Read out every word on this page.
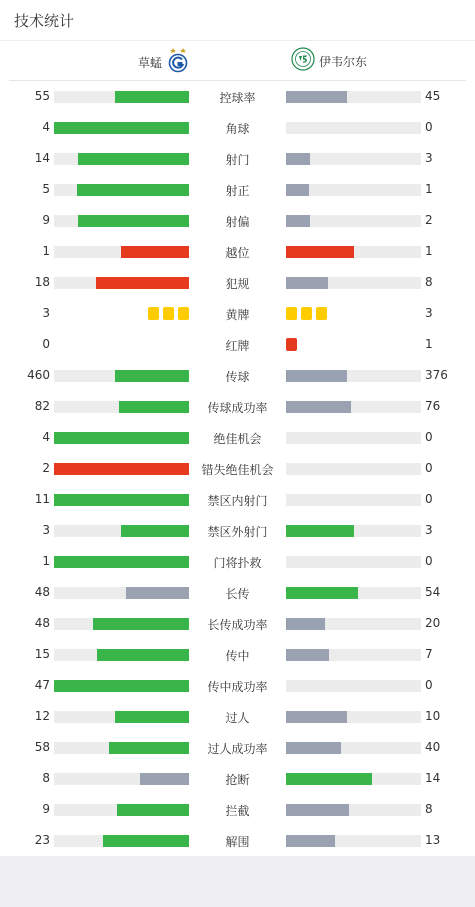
技术统计
草蜢	伊韦尔东
55	控球率	45
4	角球	0
14	射门	3
5	射正	1
9	射偏	2
1	越位	1
18	犯规	8
3	黄牌	3
0	红牌	1
460	传球	376
82	传球成功率	76
4	绝佳机会	0
2	错失绝佳机会	0
11	禁区内射门	0
3	禁区外射门	3
1	门将扑救	0
48	长传	54
48	长传成功率	20
15	传中	7
47	传中成功率	0
12	过人	10
58	过人成功率	40
8	抢断	14
9	拦截	8
23	解围	13
